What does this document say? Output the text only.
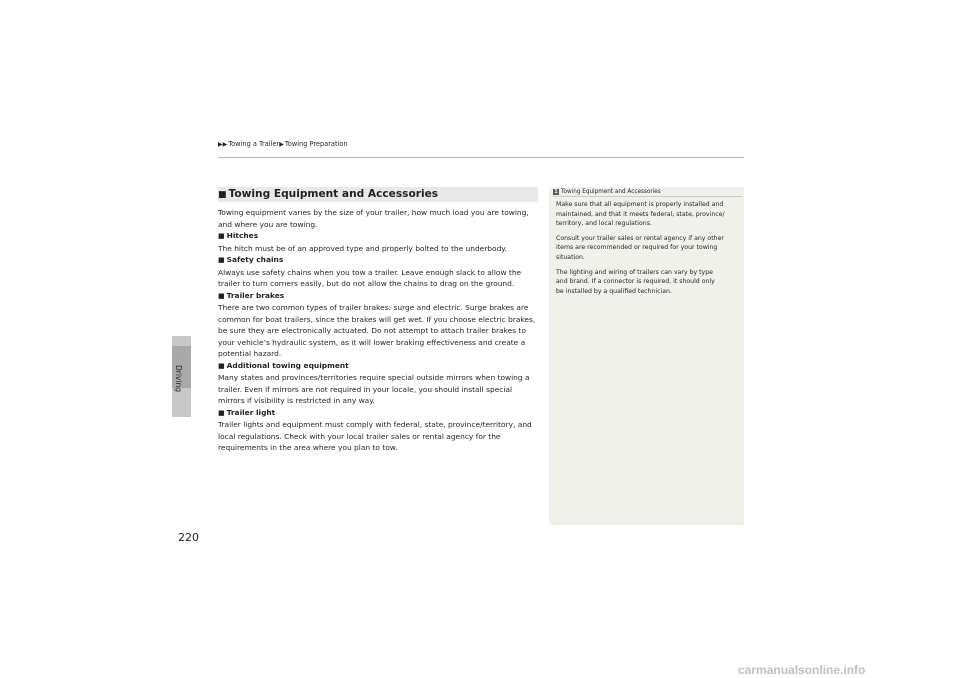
Driving
▶▶Towing a Trailer▶Towing Preparation
■ Towing Equipment and Accessories

Towing equipment varies by the size of your trailer, how much load you are towing, and where you are towing.

■ Hitches

The hitch must be of an approved type and properly bolted to the underbody.

■ Safety chains

Always use safety chains when you tow a trailer. Leave enough slack to allow the

trailer to turn corners easily, but do not allow the chains to drag on the ground.

■ Trailer brakes

There are two common types of trailer brakes: surge and electric. Surge brakes are

common for boat trailers, since the brakes will get wet. If you choose electric brakes,

be sure they are electronically actuated. Do not attempt to attach trailer brakes to

your vehicle’s hydraulic system, as it will lower braking effectiveness and create a

potential hazard.

■ Additional towing equipment

Many states and provinces/territories require special outside mirrors when towing a

trailer. Even if mirrors are not required in your locale, you should install special

mirrors if visibility is restricted in any way.

■ Trailer light

Trailer lights and equipment must comply with federal, state, province/territory, and

local regulations. Check with your local trailer sales or rental agency for the

requirements in the area where you plan to tow.

1 Towing Equipment and Accessories

Make sure that all equipment is properly installed and
maintained, and that it meets federal, state, province/
territory, and local regulations.

Consult your trailer sales or rental agency if any other
items are recommended or required for your towing
situation.

The lighting and wiring of trailers can vary by type
and brand. If a connector is required, it should only
be installed by a qualified technician.

220
carmanualsonline.info
